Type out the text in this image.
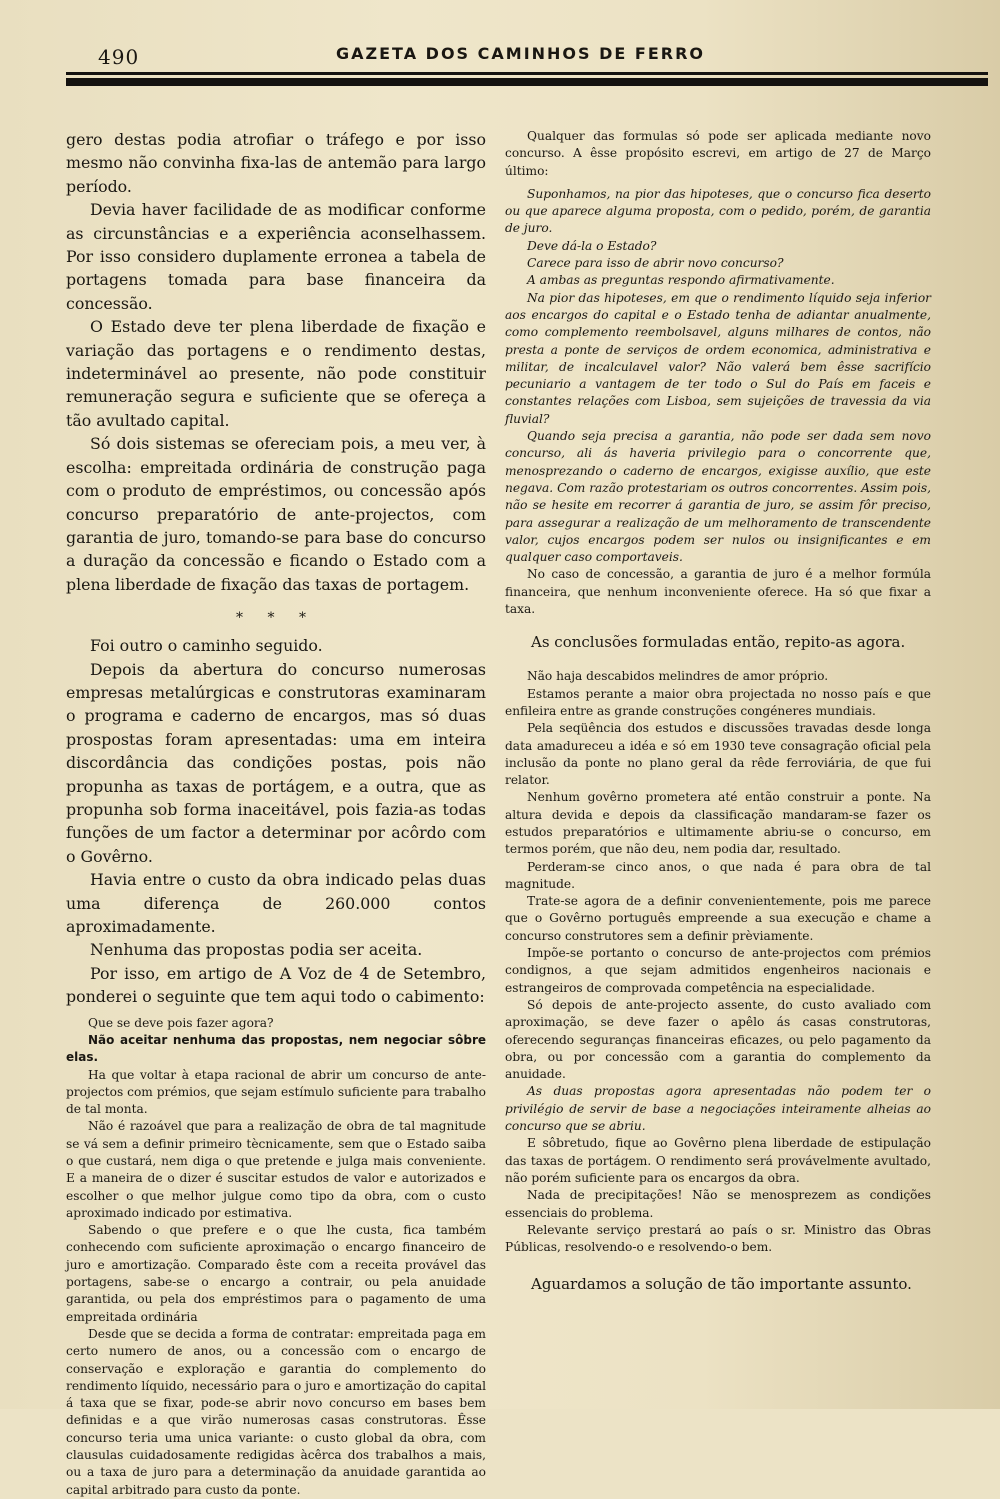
490	GAZETA DOS CAMINHOS DE FERRO

gero destas podia atrofiar o tráfego e por isso mesmo não convinha fixa-las de antemão para largo período.

Devia haver facilidade de as modificar conforme as circunstâncias e a experiência aconselhassem. Por isso considero duplamente erronea a tabela de portagens tomada para base financeira da concessão.

O Estado deve ter plena liberdade de fixação e variação das portagens e o rendimento destas, indeterminável ao presente, não pode constituir remuneração segura e suficiente que se ofereça a tão avultado capital.

Só dois sistemas se ofereciam pois, a meu ver, à escolha: empreitada ordinária de construção paga com o produto de empréstimos, ou concessão após concurso preparatório de ante-projectos, com garantia de juro, tomando-se para base do concurso a duração da concessão e ficando o Estado com a plena liberdade de fixação das taxas de portagem.

* * *

Foi outro o caminho seguido.

Depois da abertura do concurso numerosas empresas metalúrgicas e construtoras examinaram o programa e caderno de encargos, mas só duas prospostas foram apresentadas: uma em inteira discordância das condições postas, pois não propunha as taxas de portágem, e a outra, que as propunha sob forma inaceitável, pois fazia-as todas funções de um factor a determinar por acôrdo com o Govêrno.

Havia entre o custo da obra indicado pelas duas uma diferença de 260.000 contos aproximadamente.

Nenhuma das propostas podia ser aceita.

Por isso, em artigo de A Voz de 4 de Setembro, ponderei o seguinte que tem aqui todo o cabimento:

Que se deve pois fazer agora?

Não aceitar nenhuma das propostas, nem negociar sôbre elas.

Ha que voltar à etapa racional de abrir um concurso de ante-projectos com prémios, que sejam estímulo suficiente para trabalho de tal monta.

Não é razoável que para a realização de obra de tal magnitude se vá sem a definir primeiro tècnicamente, sem que o Estado saiba o que custará, nem diga o que pretende e julga mais conveniente. E a maneira de o dizer é suscitar estudos de valor e autorizados e escolher o que melhor julgue como tipo da obra, com o custo aproximado indicado por estimativa.

Sabendo o que prefere e o que lhe custa, fica também conhecendo com suficiente aproximação o encargo financeiro de juro e amortização. Comparado êste com a receita provável das portagens, sabe-se o encargo a contrair, ou pela anuidade garantida, ou pela dos empréstimos para o pagamento de uma empreitada ordinária

Desde que se decida a forma de contratar: empreitada paga em certo numero de anos, ou a concessão com o encargo de conservação e exploração e garantia do complemento do rendimento líquido, necessário para o juro e amortização do capital á taxa que se fixar, pode-se abrir novo concurso em bases bem definidas e a que virão numerosas casas construtoras. Êsse concurso teria uma unica variante: o custo global da obra, com clausulas cuidadosamente redigidas àcêrca dos trabalhos a mais, ou a taxa de juro para a determinação da anuidade garantida ao capital arbitrado para custo da ponte.

Qualquer das formulas só pode ser aplicada mediante novo concurso. A êsse propósito escrevi, em artigo de 27 de Março último:

Suponhamos, na pior das hipoteses, que o concurso fica deserto ou que aparece alguma proposta, com o pedido, porém, de garantia de juro.

Deve dá-la o Estado?

Carece para isso de abrir novo concurso?

A ambas as preguntas respondo afirmativamente.

Na pior das hipoteses, em que o rendimento líquido seja inferior aos encargos do capital e o Estado tenha de adiantar anualmente, como complemento reembolsavel, alguns milhares de contos, não presta a ponte de serviços de ordem economica, administrativa e militar, de incalculavel valor? Não valerá bem êsse sacrifício pecuniario a vantagem de ter todo o Sul do País em faceis e constantes relações com Lisboa, sem sujeições de travessia da via fluvial?

Quando seja precisa a garantia, não pode ser dada sem novo concurso, ali ás haveria privilegio para o concorrente que, menosprezando o caderno de encargos, exigisse auxílio, que este negava. Com razão protestariam os outros concorrentes. Assim pois, não se hesite em recorrer á garantia de juro, se assim fôr preciso, para assegurar a realização de um melhoramento de transcendente valor, cujos encargos podem ser nulos ou insignificantes e em qualquer caso comportaveis.

No caso de concessão, a garantia de juro é a melhor formúla financeira, que nenhum inconveniente oferece. Ha só que fixar a taxa.

As conclusões formuladas então, repito-as agora.

Não haja descabidos melindres de amor próprio.

Estamos perante a maior obra projectada no nosso país e que enfileira entre as grande construções congéneres mundiais.

Pela seqüência dos estudos e discussões travadas desde longa data amadureceu a idéa e só em 1930 teve consagração oficial pela inclusão da ponte no plano geral da rêde ferroviária, de que fui relator.

Nenhum govêrno prometera até então construir a ponte. Na altura devida e depois da classificação mandaram-se fazer os estudos preparatórios e ultimamente abriu-se o concurso, em termos porém, que não deu, nem podia dar, resultado.

Perderam-se cinco anos, o que nada é para obra de tal magnitude.

Trate-se agora de a definir convenientemente, pois me parece que o Govêrno português empreende a sua execução e chame a concurso construtores sem a definir prèviamente.

Impõe-se portanto o concurso de ante-projectos com prémios condignos, a que sejam admitidos engenheiros nacionais e estrangeiros de comprovada competência na especialidade.

Só depois de ante-projecto assente, do custo avaliado com aproximação, se deve fazer o apêlo ás casas construtoras, oferecendo seguranças financeiras eficazes, ou pelo pagamento da obra, ou por concessão com a garantia do complemento da anuidade.

As duas propostas agora apresentadas não podem ter o privilégio de servir de base a negociações inteiramente alheias ao concurso que se abriu.

E sôbretudo, fique ao Govêrno plena liberdade de estipulação das taxas de portágem. O rendimento será provávelmente avultado, não porém suficiente para os encargos da obra.

Nada de precipitações! Não se menosprezem as condições essenciais do problema.

Relevante serviço prestará ao país o sr. Ministro das Obras Públicas, resolvendo-o e resolvendo-o bem.

Aguardamos a solução de tão importante assunto.
